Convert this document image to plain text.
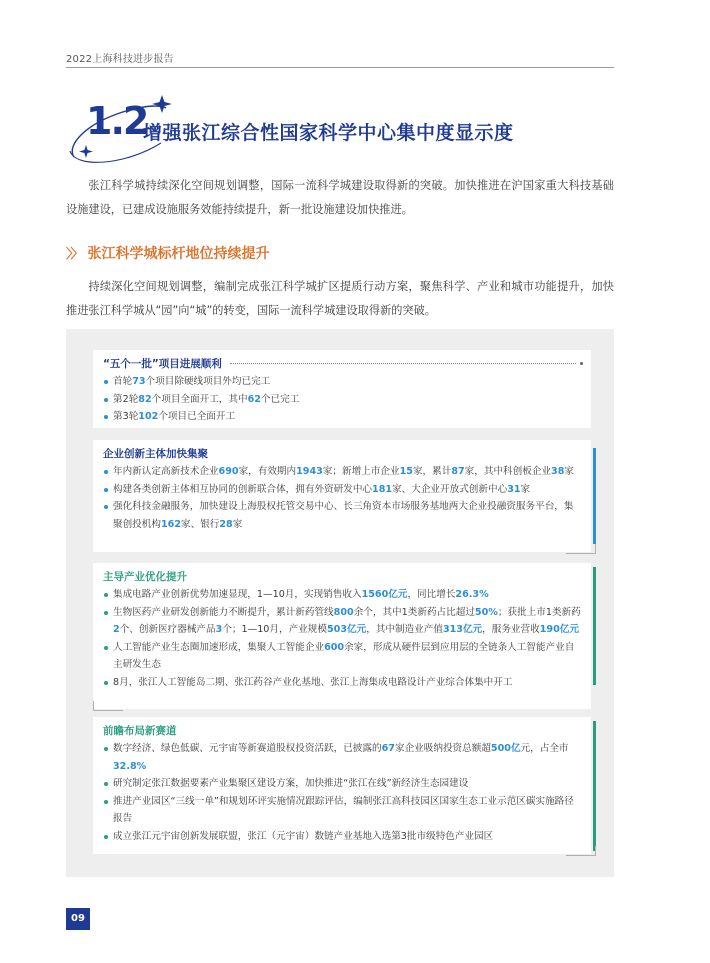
2022上海科技进步报告
1.2
增强张江综合性国家科学中心集中度显示度

张江科学城持续深化空间规划调整，国际一流科学城建设取得新的突破。加快推进在沪国家重大科技基础设施建设，已建成设施服务效能持续提升，新一批设施建设加快推进。

〉〉 张江科学城标杆地位持续提升

持续深化空间规划调整，编制完成张江科学城扩区提质行动方案，聚焦科学、产业和城市功能提升，加快推进张江科学城从“园”向“城”的转变，国际一流科学城建设取得新的突破。

“五个一批”项目进展顺利
首轮73个项目除硬线项目外均已完工
第2轮82个项目全面开工，其中62个已完工
第3轮102个项目已全面开工
企业创新主体加快集聚
年内新认定高新技术企业690家，有效期内1943家；新增上市企业15家，累计87家，其中科创板企业38家
构建各类创新主体相互协同的创新联合体，拥有外资研发中心181家、大企业开放式创新中心31家
强化科技金融服务，加快建设上海股权托管交易中心、长三角资本市场服务基地两大企业投融资服务平台，集聚创投机构162家、银行28家
主导产业优化提升
集成电路产业创新优势加速显现，1—10月，实现销售收入1560亿元，同比增长26.3%
生物医药产业研发创新能力不断提升，累计新药管线800余个，其中1类新药占比超过50%；获批上市1类新药2个、创新医疗器械产品3个；1—10月，产业规模503亿元，其中制造业产值313亿元，服务业营收190亿元
人工智能产业生态圈加速形成，集聚人工智能企业600余家，形成从硬件层到应用层的全链条人工智能产业自主研发生态
8月，张江人工智能岛二期、张江药谷产业化基地、张江上海集成电路设计产业综合体集中开工
前瞻布局新赛道
数字经济、绿色低碳、元宇宙等新赛道股权投资活跃，已披露的67家企业吸纳投资总额超500亿元，占全市32.8%
研究制定张江数据要素产业集聚区建设方案，加快推进“张江在线”新经济生态园建设
推进产业园区“三线一单”和规划环评实施情况跟踪评估，编制张江高科技园区国家生态工业示范区碳实施路径报告
成立张江元宇宙创新发展联盟，张江（元宇宙）数链产业基地入选第3批市级特色产业园区
09
